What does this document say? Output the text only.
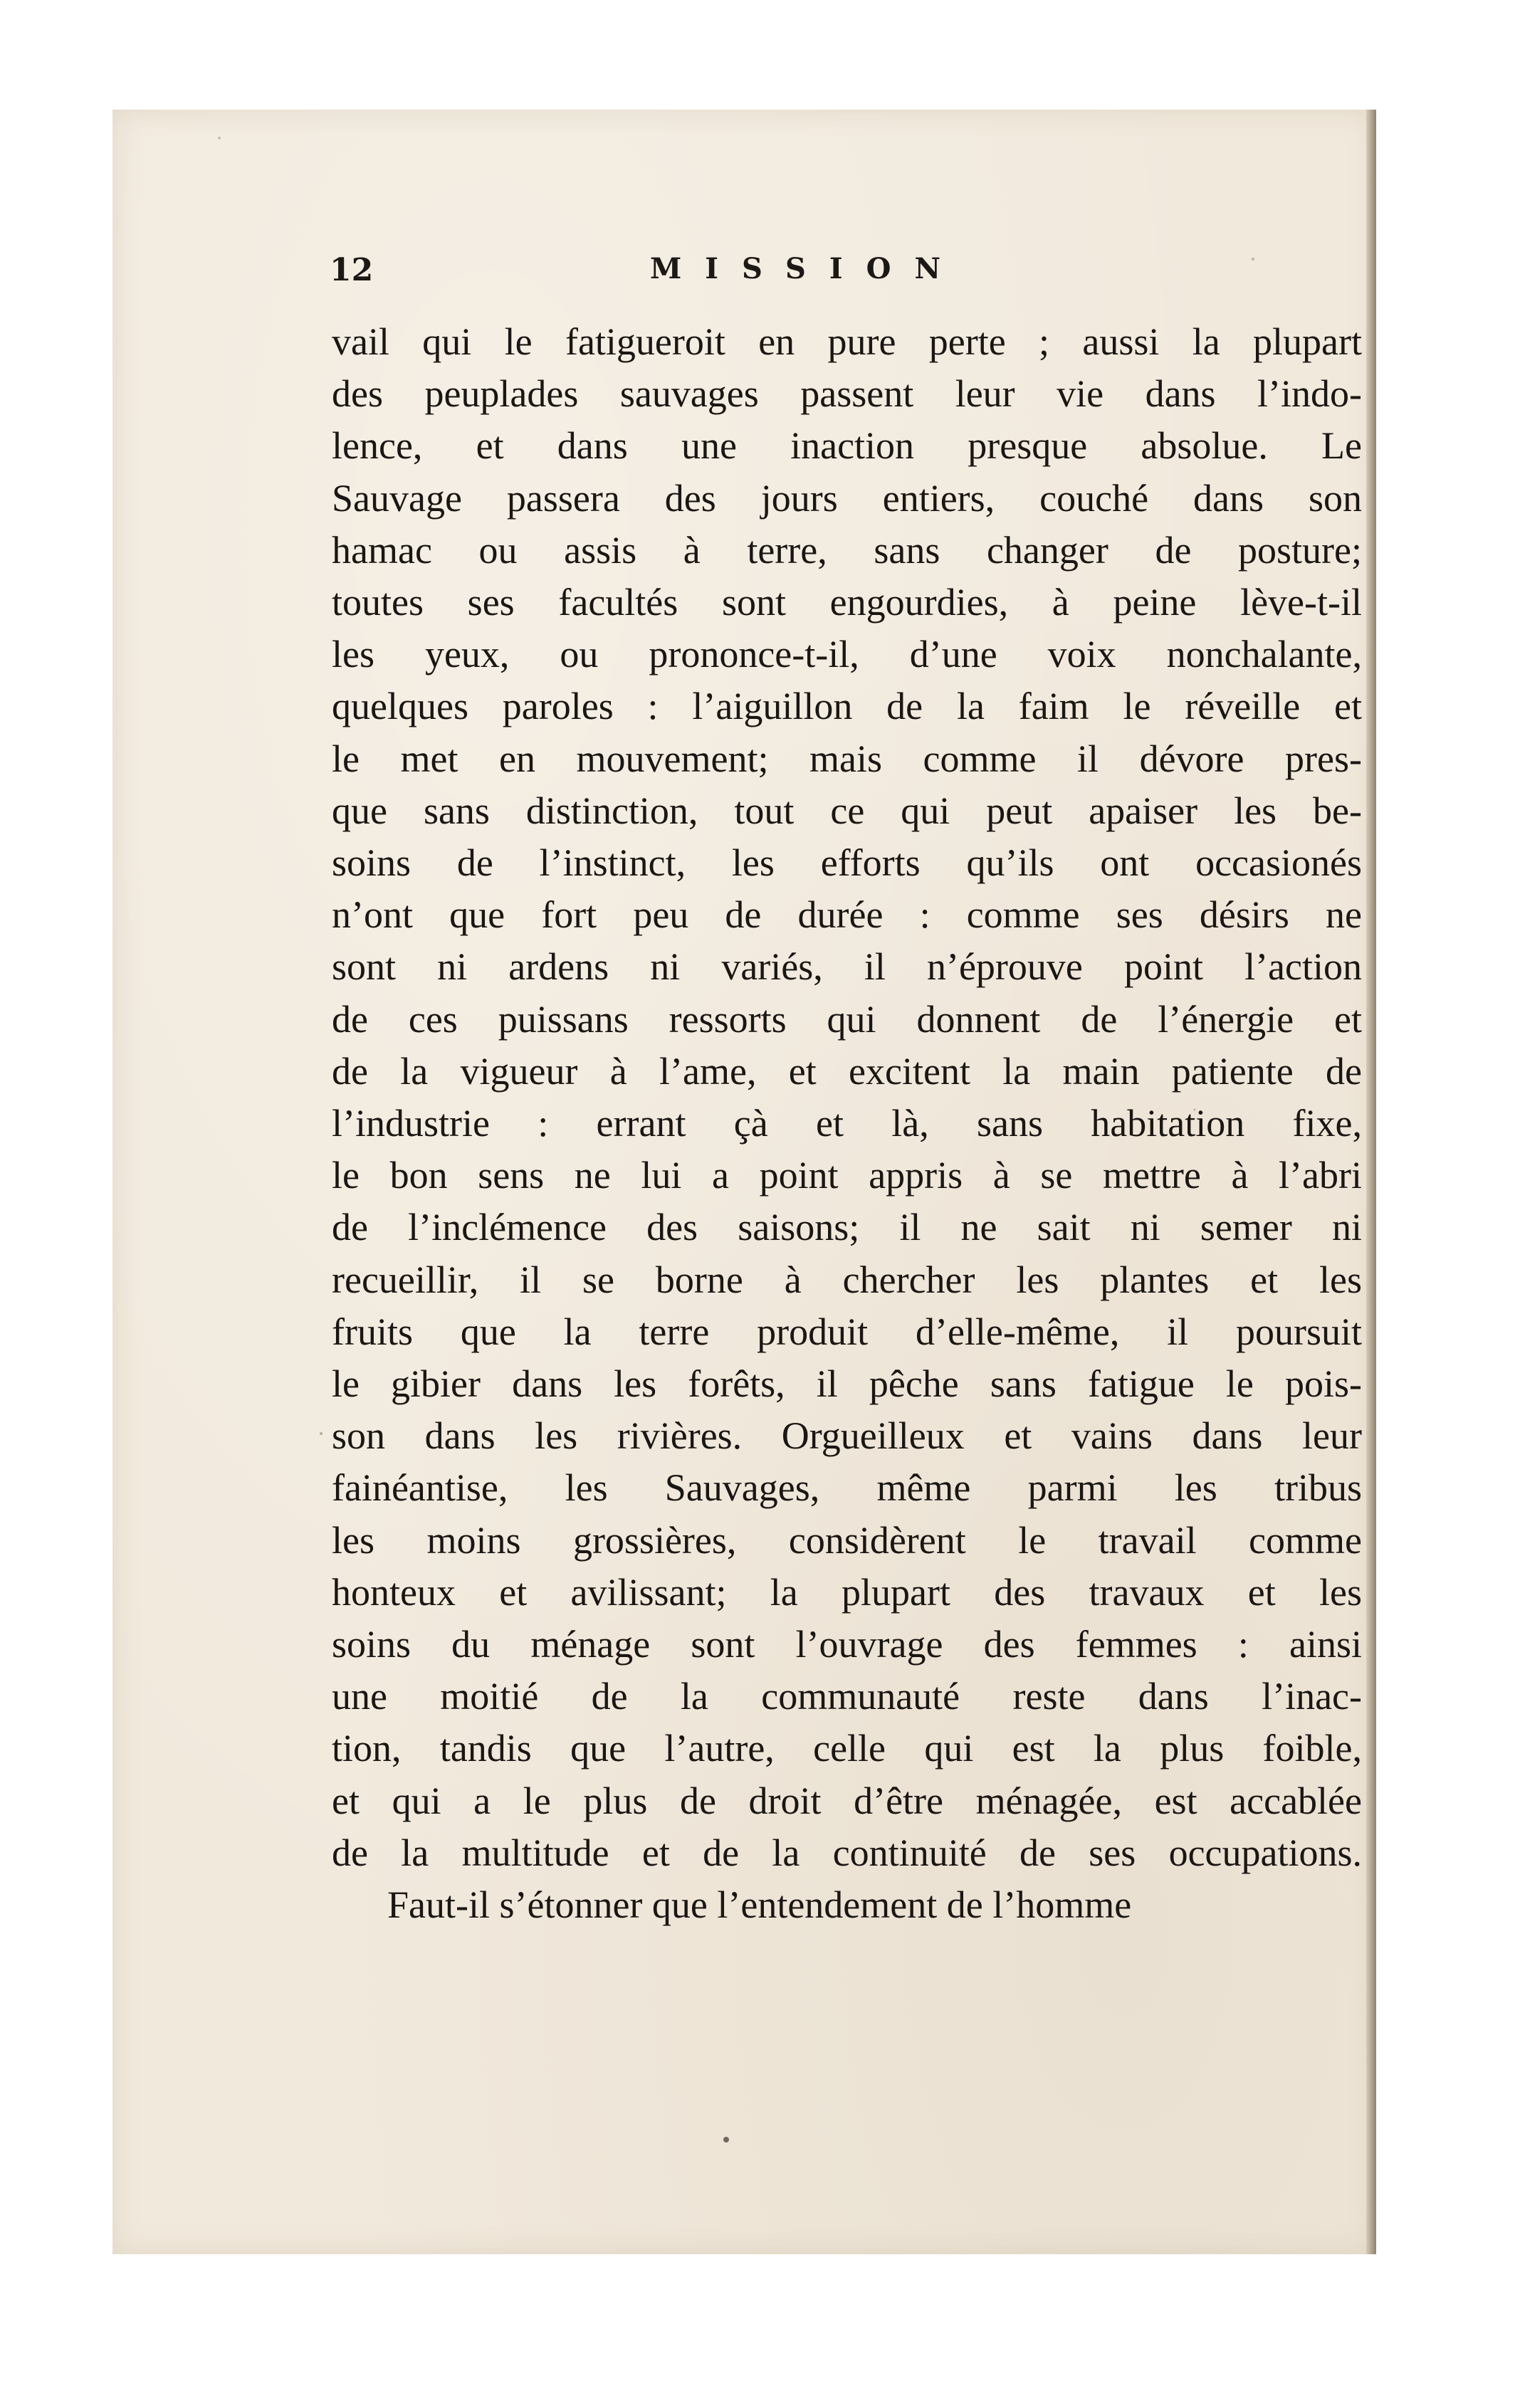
12	MISSION
vail qui le fatigueroit en pure perte ; aussi la plupart
des peuplades sauvages passent leur vie dans l’indo-
lence, et dans une inaction presque absolue. Le
Sauvage passera des jours entiers, couché dans son
hamac ou assis à terre, sans changer de posture;
toutes ses facultés sont engourdies, à peine lève-t-il
les yeux, ou prononce-t-il, d’une voix nonchalante,
quelques paroles : l’aiguillon de la faim le réveille et
le met en mouvement; mais comme il dévore pres-
que sans distinction, tout ce qui peut apaiser les be-
soins de l’instinct, les efforts qu’ils ont occasionés
n’ont que fort peu de durée : comme ses désirs ne
sont ni ardens ni variés, il n’éprouve point l’action
de ces puissans ressorts qui donnent de l’énergie et
de la vigueur à l’ame, et excitent la main patiente de
l’industrie : errant çà et là, sans habitation fixe,
le bon sens ne lui a point appris à se mettre à l’abri
de l’inclémence des saisons; il ne sait ni semer ni
recueillir, il se borne à chercher les plantes et les
fruits que la terre produit d’elle-même, il poursuit
le gibier dans les forêts, il pêche sans fatigue le pois-
son dans les rivières. Orgueilleux et vains dans leur
fainéantise, les Sauvages, même parmi les tribus
les moins grossières, considèrent le travail comme
honteux et avilissant; la plupart des travaux et les
soins du ménage sont l’ouvrage des femmes : ainsi
une moitié de la communauté reste dans l’inac-
tion, tandis que l’autre, celle qui est la plus foible,
et qui a le plus de droit d’être ménagée, est accablée
de la multitude et de la continuité de ses occupations.
Faut-il s’étonner que l’entendement de l’homme
